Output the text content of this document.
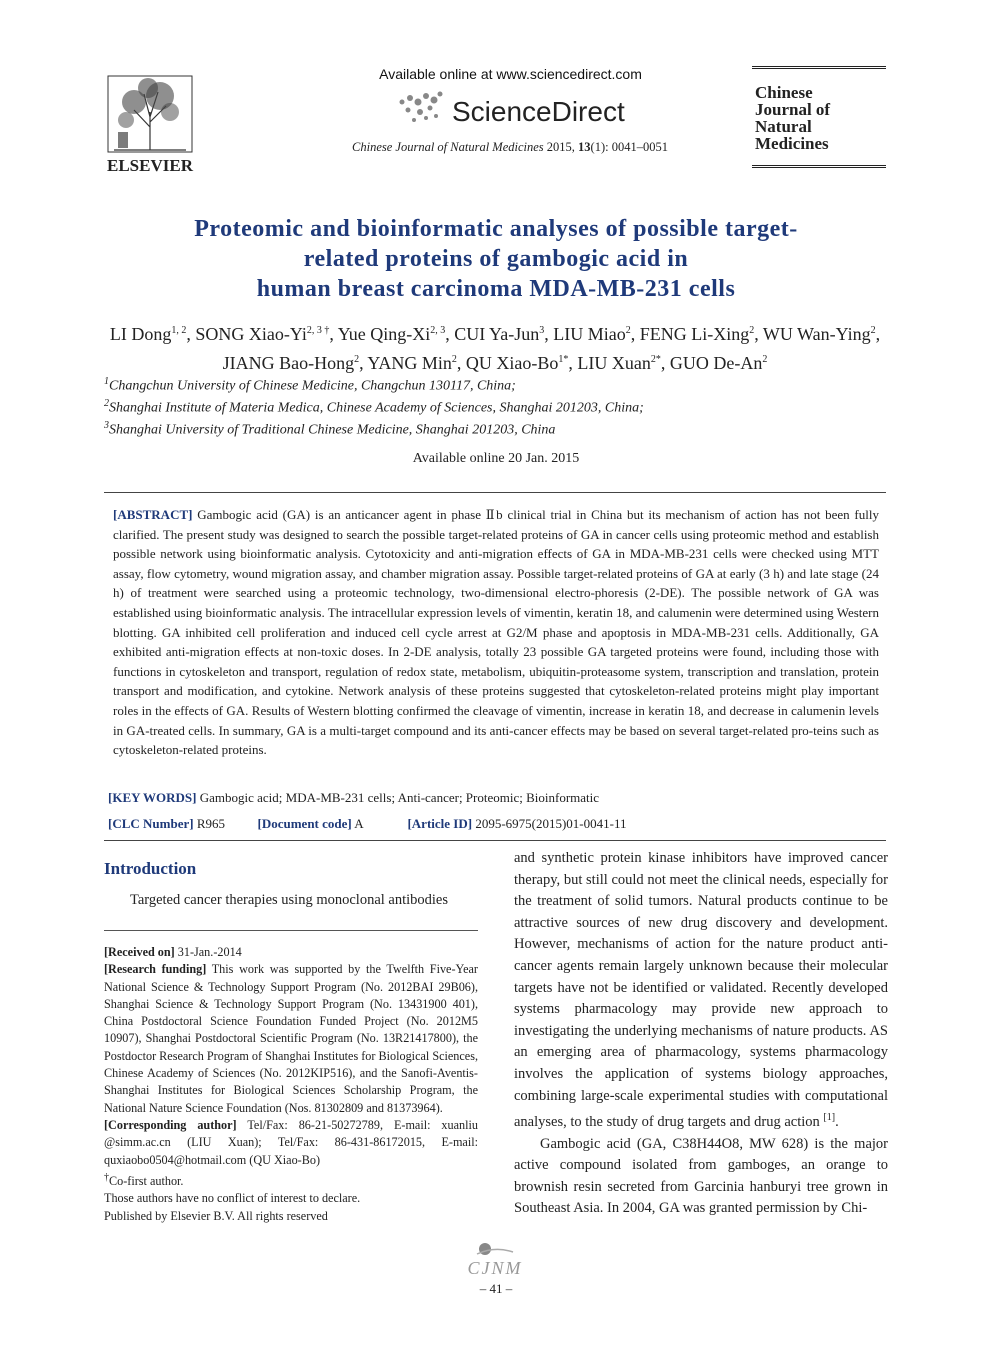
ELSEVIER
Available online at www.sciencedirect.com
ScienceDirect
Chinese Journal of Natural Medicines 2015, 13(1): 0041–0051
Chinese
Journal of
Natural
Medicines
Proteomic and bioinformatic analyses of possible target-
related proteins of gambogic acid in
human breast carcinoma MDA-MB-231 cells
LI Dong$^{1, 2}$, SONG Xiao-$Yi^{2, 3 \dagger}$, Yue Qing-Xi$^{2, 3}$, CUI Ya-Jun$^3$, LIU Miao$^2$, FENG Li-Xing$^2$, WU Wan-Ying$^2$, JIANG Bao-Hong$^2$, YANG Min$^2$, QU Xiao-$Bo^{1*}$, LIU Xuan$^{2*}$, GUO De-An$^2$
$^1$Changchun University of Chinese Medicine, Changchun 130117, China;
$^2$Shanghai Institute of Materia Medica, Chinese Academy of Sciences, Shanghai 201203, China;
$^3$Shanghai University of Traditional Chinese Medicine, Shanghai 201203, China
Available online 20 Jan. 2015
[ABSTRACT] Gambogic acid (GA) is an anticancer agent in phase Ⅱb clinical trial in China but its mechanism of action has not been fully clarified. The present study was designed to search the possible target-related proteins of GA in cancer cells using proteomic method and establish possible network using bioinformatic analysis. Cytotoxicity and anti-migration effects of GA in MDA-MB-231 cells were checked using MTT assay, flow cytometry, wound migration assay, and chamber migration assay. Possible target-related proteins of GA at early (3 h) and late stage (24 h) of treatment were searched using a proteomic technology, two-dimensional electro-phoresis (2-DE). The possible network of GA was established using bioinformatic analysis. The intracellular expression levels of vimentin, keratin 18, and calumenin were determined using Western blotting. GA inhibited cell proliferation and induced cell cycle arrest at G2/M phase and apoptosis in MDA-MB-231 cells. Additionally, GA exhibited anti-migration effects at non-toxic doses. In 2-DE analysis, totally 23 possible GA targeted proteins were found, including those with functions in cytoskeleton and transport, regulation of redox state, metabolism, ubiquitin-proteasome system, transcription and translation, protein transport and modification, and cytokine. Network analysis of these proteins suggested that cytoskeleton-related proteins might play important roles in the effects of GA. Results of Western blotting confirmed the cleavage of vimentin, increase in keratin 18, and decrease in calumenin levels in GA-treated cells. In summary, GA is a multi-target compound and its anti-cancer effects may be based on several target-related pro-teins such as cytoskeleton-related proteins.
[KEY WORDS] Gambogic acid; MDA-MB-231 cells; Anti-cancer; Proteomic; Bioinformatic
[CLC Number] R965	[Document code] A	[Article ID] 2095-6975(2015)01-0041-11
Introduction
Targeted cancer therapies using monoclonal antibodies
[Received on] 31-Jan.-2014
[Research funding] This work was supported by the Twelfth Five-Year National Science & Technology Support Program (No. 2012BAI 29B06), Shanghai Science & Technology Support Program (No. 13431900 401), China Postdoctoral Science Foundation Funded Project (No. 2012M5 10907), Shanghai Postdoctoral Scientific Program (No. 13R21417800), the Postdoctor Research Program of Shanghai Institutes for Biological Sciences, Chinese Academy of Sciences (No. 2012KIP516), and the Sanofi-Aventis-Shanghai Institutes for Biological Sciences Scholarship Program, the National Nature Science Foundation (Nos. 81302809 and 81373964).
[Corresponding author] Tel/Fax: 86-21-50272789, E-mail: xuanliu @simm.ac.cn (LIU Xuan); Tel/Fax: 86-431-86172015, E-mail: quxiaobo0504@hotmail.com (QU Xiao-Bo)
†Co-first author.
Those authors have no conflict of interest to declare.
Published by Elsevier B.V. All rights reserved

and synthetic protein kinase inhibitors have improved cancer therapy, but still could not meet the clinical needs, especially for the treatment of solid tumors. Natural products continue to be attractive sources of new drug discovery and development. However, mechanisms of action for the nature product anti-cancer agents remain largely unknown because their molecular targets have not be identified or validated. Recently developed systems pharmacology may provide new approach to investigating the underlying mechanisms of nature products. AS an emerging area of pharmacology, systems pharmacology involves the application of systems biology approaches, combining large-scale experimental studies with computational analyses, to the study of drug targets and drug action [1].

Gambogic acid (GA, C38H44O8, MW 628) is the major active compound isolated from gamboges, an orange to brownish resin secreted from Garcinia hanburyi tree grown in Southeast Asia. In 2004, GA was granted permission by Chi-

CJNM
– 41 –
